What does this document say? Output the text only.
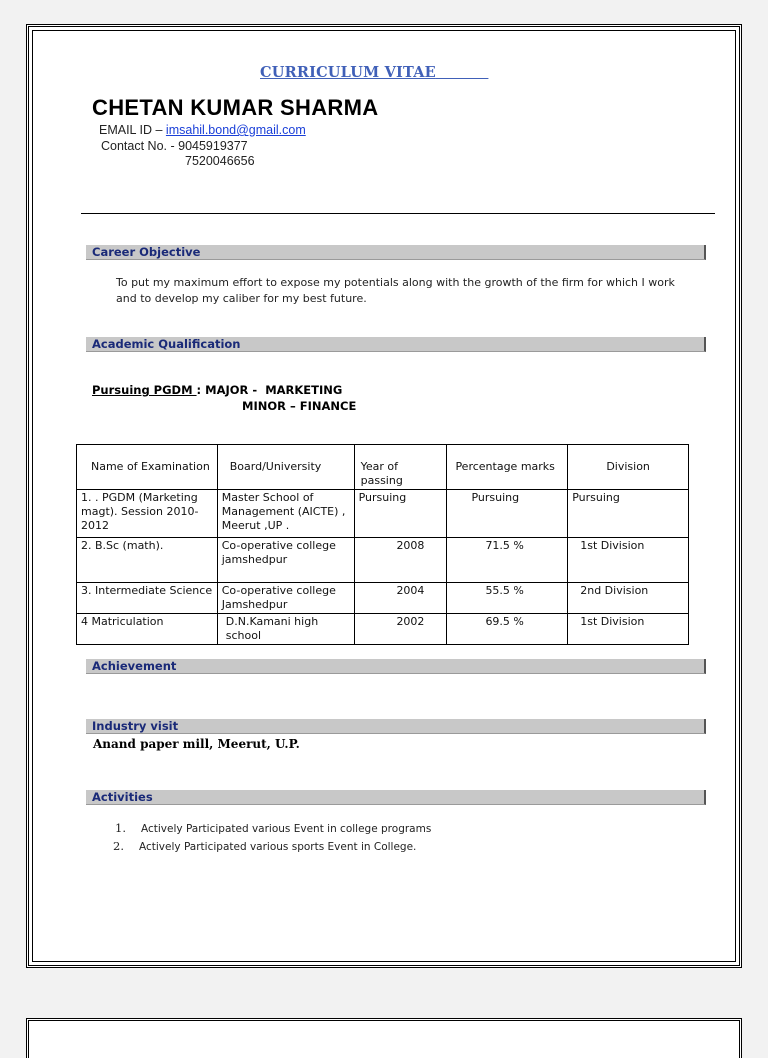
CURRICULUM VITAE
CHETAN KUMAR SHARMA
EMAIL ID – imsahil.bond@gmail.com
Contact No. - 9045919377
7520046656
Career Objective
To put my maximum effort to expose my potentials along with the growth of the firm for which I work and to develop my caliber for my best future.
Academic Qualification
Pursuing PGDM : MAJOR -  MARKETING
MINOR – FINANCE
Name of Examination	Board/University	Year of passing	Percentage marks	Division
1. . PGDM (Marketing magt). Session 2010-2012	Master School of Management (AICTE) , Meerut ,UP .	Pursuing	Pursuing	Pursuing
2. B.Sc (math).	Co-operative college jamshedpur	2008	71.5 %	1st Division
3. Intermediate Science	Co-operative college Jamshedpur	2004	55.5 %	2nd Division
4 Matriculation	D.N.Kamani high school	2002	69.5 %	1st Division
Achievement
Industry visit
Anand paper mill, Meerut, U.P.
Activities
1. Actively Participated various Event in college programs
2. Actively Participated various sports Event in College.
